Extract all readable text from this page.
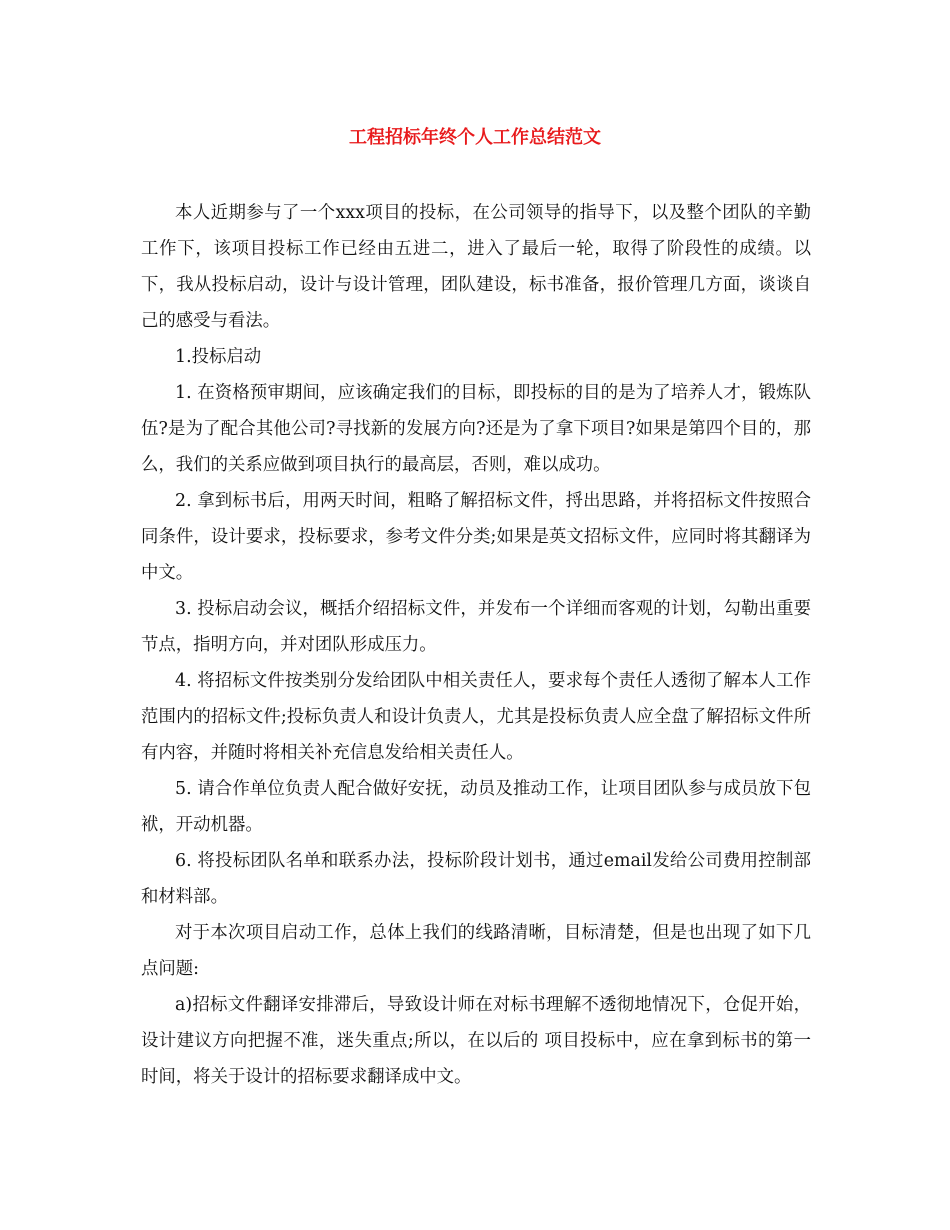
工程招标年终个人工作总结范文

本人近期参与了一个xxx项目的投标，在公司领导的指导下，以及整个团队的辛勤工作下，该项目投标工作已经由五进二，进入了最后一轮，取得了阶段性的成绩。以下，我从投标启动，设计与设计管理，团队建设，标书准备，报价管理几方面，谈谈自己的感受与看法。

1.投标启动

1. 在资格预审期间，应该确定我们的目标，即投标的目的是为了培养人才，锻炼队伍?是为了配合其他公司?寻找新的发展方向?还是为了拿下项目?如果是第四个目的，那么，我们的关系应做到项目执行的最高层，否则，难以成功。

2. 拿到标书后，用两天时间，粗略了解招标文件，捋出思路，并将招标文件按照合同条件，设计要求，投标要求，参考文件分类;如果是英文招标文件，应同时将其翻译为中文。

3. 投标启动会议，概括介绍招标文件，并发布一个详细而客观的计划，勾勒出重要节点，指明方向，并对团队形成压力。

4. 将招标文件按类别分发给团队中相关责任人，要求每个责任人透彻了解本人工作范围内的招标文件;投标负责人和设计负责人，尤其是投标负责人应全盘了解招标文件所有内容，并随时将相关补充信息发给相关责任人。

5. 请合作单位负责人配合做好安抚，动员及推动工作，让项目团队参与成员放下包袱，开动机器。

6. 将投标团队名单和联系办法，投标阶段计划书，通过email发给公司费用控制部和材料部。

对于本次项目启动工作，总体上我们的线路清晰，目标清楚，但是也出现了如下几点问题:

a)招标文件翻译安排滞后，导致设计师在对标书理解不透彻地情况下，仓促开始，设计建议方向把握不准，迷失重点;所以，在以后的 项目投标中，应在拿到标书的第一时间，将关于设计的招标要求翻译成中文。
